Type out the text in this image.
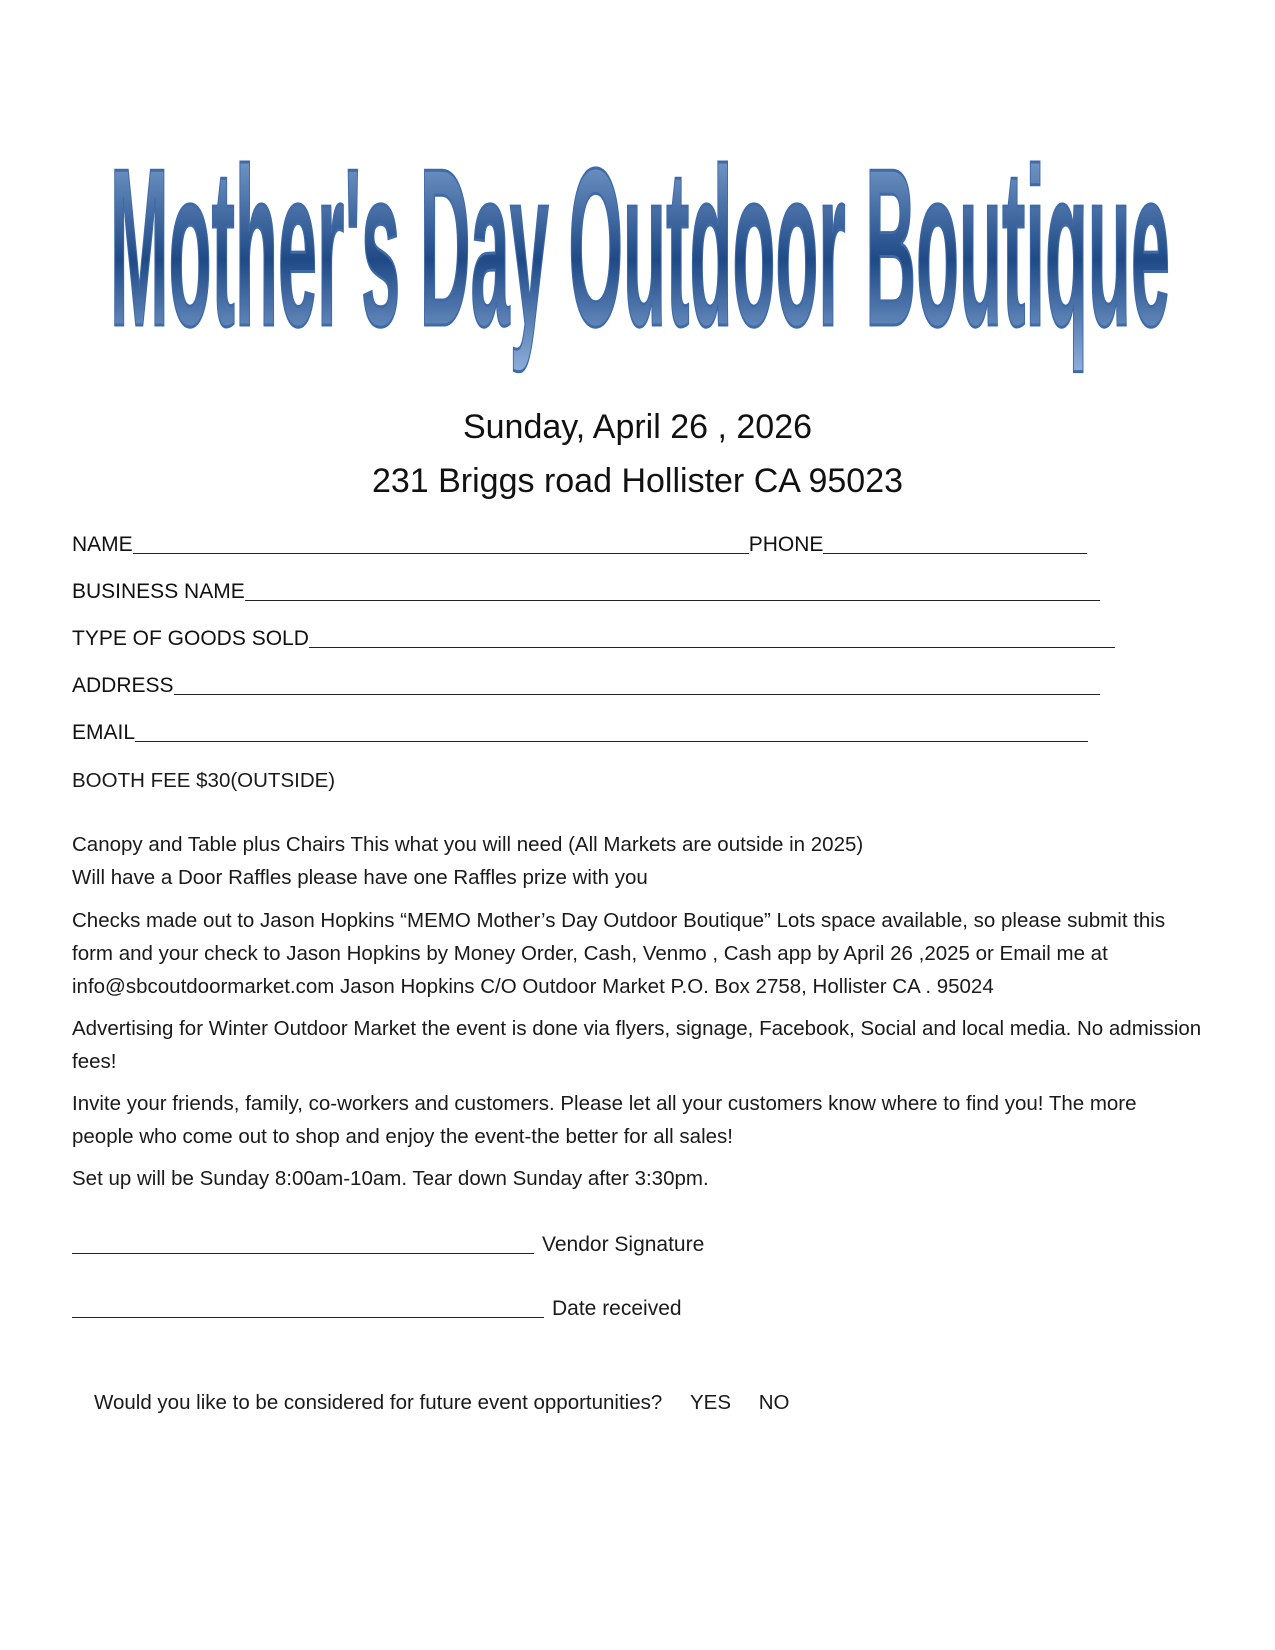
Mother's Day Outdoor Boutique
Sunday, April 26 , 2026
231 Briggs road Hollister CA 95023
NAME	PHONE
BUSINESS NAME
TYPE OF GOODS SOLD
ADDRESS
EMAIL
BOOTH FEE $30(OUTSIDE)

Canopy and Table plus Chairs This what you will need (All Markets are outside in 2025)

Will have a Door Raffles please have one Raffles prize with you

Checks made out to Jason Hopkins “MEMO Mother’s Day Outdoor Boutique” Lots space available, so please submit this form and your check to Jason Hopkins by Money Order, Cash, Venmo , Cash app by April 26 ,2025 or Email me at info@sbcoutdoormarket.com Jason Hopkins C/O Outdoor Market P.O. Box 2758, Hollister CA . 95024
Advertising for Winter Outdoor Market the event is done via flyers, signage, Facebook, Social and local media. No admission fees!
Invite your friends, family, co-workers and customers. Please let all your customers know where to find you! The more people who come out to shop and enjoy the event-the better for all sales!
Set up will be Sunday 8:00am-10am. Tear down Sunday after 3:30pm.
Vendor Signature
Date received
Would you like to be considered for future event opportunities? YES NO
